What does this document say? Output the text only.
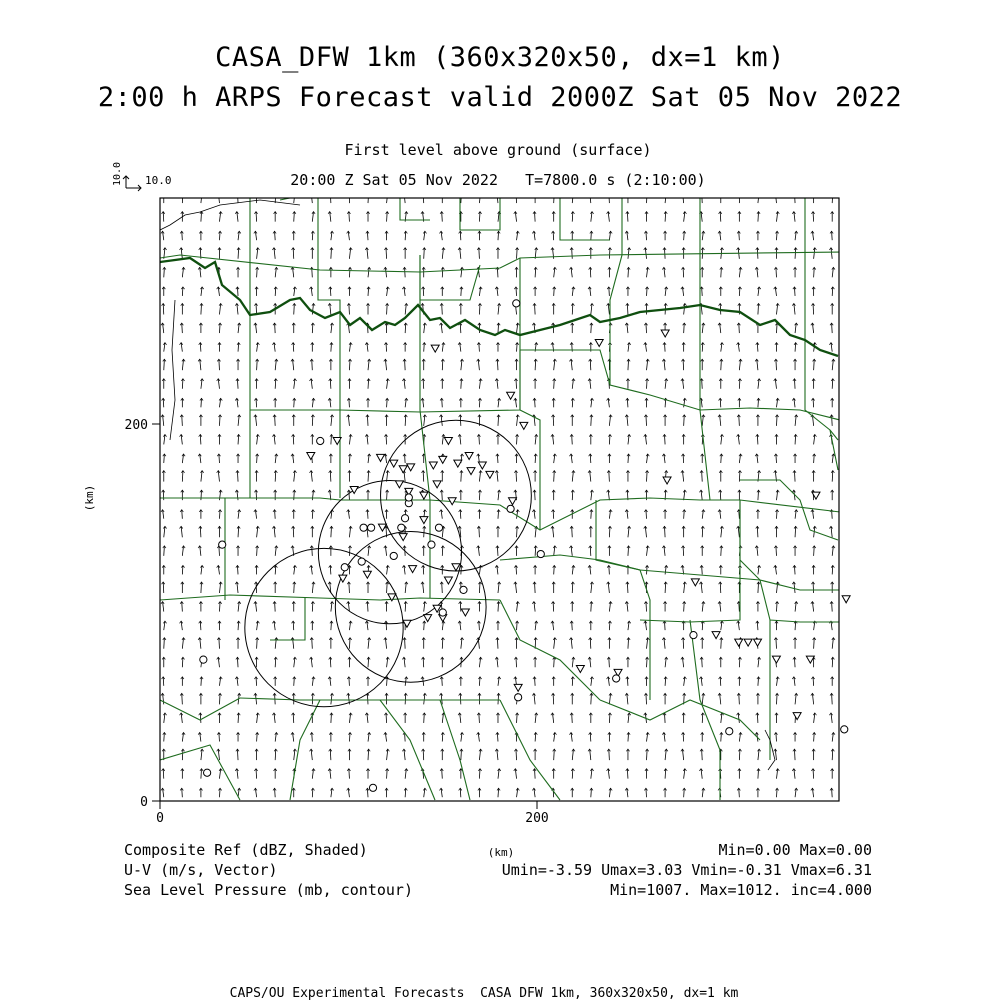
0	200
0
200
(km)
(km)
10.0 10.0
CASA_DFW 1km (360x320x50, dx=1 km)
2:00 h ARPS Forecast valid 2000Z Sat 05 Nov 2022
First level above ground (surface)
20:00 Z Sat 05 Nov 2022   T=7800.0 s (2:10:00)
Composite Ref (dBZ, Shaded)	Min=0.00 Max=0.00
U-V (m/s, Vector)	Umin=-3.59 Umax=3.03 Vmin=-0.31 Vmax=6.31
Sea Level Pressure (mb, contour)	Min=1007. Max=1012. inc=4.000
CAPS/OU Experimental Forecasts  CASA DFW 1km, 360x320x50, dx=1 km
